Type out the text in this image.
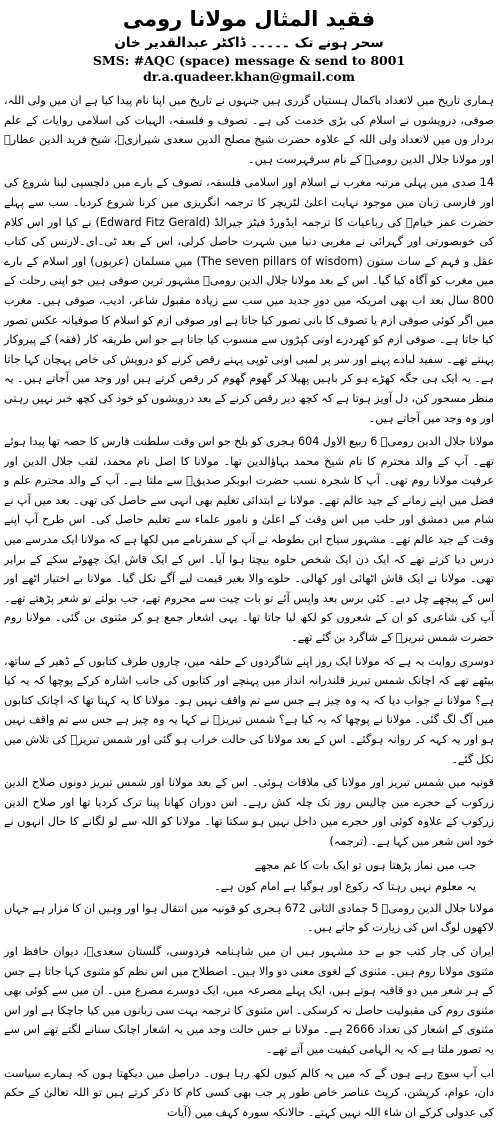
فقید المثال مولانا رومی

سحر ہونے تک ۔۔۔۔۔ ڈاکٹر عبدالقدیر خان

SMS: #AQC (space) message & send to 8001

dr.a.quadeer.khan@gmail.com

ہماری تاریخ میں لاتعداد باکمال ہستیاں گزری ہیں جنہوں نے تاریخ میں اپنا نام پیدا کیا ہے ان میں ولی اللہ، صوفی، درویشوں نے اسلام کی بڑی خدمت کی ہے۔ تصوف و فلسفہ، الہیات کی اسلامی روایات کے علم بردار وں میں لاتعداد ولی اللہ کے علاوہ حضرت شیخ مصلح الدین سعدی شیرازیؒ، شیخ فرید الدین عطارؒ اور مولانا جلال الدین رومیؒ کے نام سرفہرست ہیں۔

14 صدی میں پہلی مرتبہ مغرب نے اسلام اور اسلامی فلسفہ، تصوف کے بارے میں دلچسپی لینا شروع کی اور فارسی زبان میں موجود نہایت اعلیٰ لٹریچر کا ترجمہ انگریزی میں کرنا شروع کردیا۔ سب سے پہلے حضرت عمر خیامؒ کی رباعیات کا ترجمہ ایڈورڈ فیٹز جیرالڈ (Edward Fitz Gerald) نے کیا اور اس کلام کی خوبصورتی اور گہرائی نے مغربی دنیا میں شہرت حاصل کرلی، اس کے بعد ٹی۔ای۔لارنس کی کتاب عقل و فہم کے سات ستون (The seven pillars of wisdom) میں مسلمان (عربوں) اور اسلام کے بارے میں مغرب کو آگاہ کیا گیا۔ اس کے بعد مولانا جلال الدین رومیؒ مشہور ترین صوفی ہیں جو اپنی رحلت کے 800 سال بعد اب بھی امریکہ میں دورِ جدید میں سب سے زیادہ مقبول شاعر، ادیب، صوفی ہیں۔ مغرب میں اگر کوئی صوفی ازم یا تصوف کا بانی تصور کیا جاتا ہے اور صوفی ازم کو اسلام کا صوفیانہ عکس تصور کیا جاتا ہے۔ صوفی ازم کو کھردرے اونی کپڑوں سے منسوب کیا جاتا ہے جو اس طریقہ کار (فقہ) کے پیروکار پہنتے تھے۔ سفید لبادے پہنے اور سر پر لمبی اونی ٹوپی پہنے رقص کرنے کو درویش کی خاص پہچان کہا جاتا ہے۔ یہ ایک ہی جگہ کھڑے ہو کر باہیں پھیلا کر گھوم گھوم کر رقص کرتے ہیں اور وجد میں آجاتے ہیں۔ یہ منظر مسحور کن، دل آویز ہوتا ہے کہ کچھ دیر رقص کرنے کے بعد درویشوں کو خود کی کچھ خبر نہیں رہتی اور وہ وجد میں آجاتے ہیں۔

مولانا جلال الدین رومیؒ 6 ربیع الاول 604 ہجری کو بلخ جو اس وقت سلطنت فارس کا حصہ تھا پیدا ہوئے تھے۔ آپ کے والد محترم کا نام شیخ محمد بہاؤالدین تھا۔ مولانا کا اصل نام محمد، لقب جلال الدین اور عرفیت مولانا روم تھی۔ آپ کا شجرہ نسب حضرت ابوبکر صدیقؓ سے ملتا ہے۔ آپ کے والد محترم علم و فضل میں اپنے زمانے کے جید عالم تھے۔ مولانا نے ابتدائی تعلیم بھی انہی سے حاصل کی تھی۔ بعد میں آپ نے شام میں دمشق اور حلب میں اس وقت کے اعلیٰ و نامور علماء سے تعلیم حاصل کی۔ اس طرح آپ اپنے وقت کے جید عالم تھے۔ مشہور سیاح ابن بطوطہ نے آپ کے سفرنامے میں لکھا ہے کہ مولانا ایک مدرسے میں درس دیا کرتے تھے کہ ایک دن ایک شخص حلوہ بیچتا ہوا آیا۔ اس کے ایک قاش ایک چھوٹے سکے کے برابر تھی۔ مولانا نے ایک قاش اٹھائی اور کھالی۔ حلوے والا بغیر قیمت لیے آگے نکل گیا۔ مولانا بے اختیار اٹھے اور اس کے پیچھے چل دیے۔ کئی برس بعد واپس آئے تو بات چیت سے محروم تھے، جب بولتے تو شعر پڑھتے تھے۔ آپ کی شاعری کو ان کے شعروں کو لکھ لیا جاتا تھا۔ یہی اشعار جمع ہو کر مثنوی بن گئی۔ مولانا روم حضرت شمس تبریزؒ کے شاگرد بن گئے تھے۔

دوسری روایت یہ ہے کہ مولانا ایک روز اپنے شاگردوں کے حلقہ میں، چاروں طرف کتابوں کے ڈھیر کے ساتھ، بیٹھے تھے کہ اچانک شمس تبریز قلندرانہ انداز میں پہنچے اور کتابوں کی جانب اشارہ کرکے پوچھا کہ یہ کیا ہے؟ مولانا نے جواب دیا کہ یہ وہ چیز ہے جس سے تم واقف نہیں ہو۔ مولانا کا یہ کہنا تھا کہ اچانک کتابوں میں آگ لگ گئی۔ مولانا نے پوچھا کہ یہ کیا ہے؟ شمس تبریزؒ نے کہا یہ وہ چیز ہے جس سے تم واقف نہیں ہو اور یہ کہہ کر روانہ ہوگئے۔ اس کے بعد مولانا کی حالت خراب ہو گئی اور شمس تبریزؒ کی تلاش میں نکل گئے۔

قونیہ میں شمس تبریز اور مولانا کی ملاقات ہوئی۔ اس کے بعد مولانا اور شمس تبریز دونوں صلاح الدین زرکوب کے حجرے میں چالیس روز تک چلہ کش رہے۔ اس دوران کھانا پینا ترک کردیا تھا اور صلاح الدین زرکوب کے علاوہ کوئی اور حجرے میں داخل نہیں ہو سکتا تھا۔ مولانا کو اللہ سے لو لگانے کا حال انہوں نے خود اس شعر میں کہا ہے۔ (ترجمہ)

جب میں نماز پڑھتا ہوں تو ایک بات کا غم مجھے

یہ معلوم نہیں رہتا کہ رکوع اور ہوگیا ہے امام کون ہے۔

مولانا جلال الدین رومیؒ 5 جمادی الثانی 672 ہجری کو قونیہ میں انتقال ہوا اور وہیں ان کا مزار ہے جہاں لاکھوں لوگ اس کی زیارت کو جاتے ہیں۔

ایران کی چار کتب جو بے حد مشہور ہیں ان میں شاہنامہ فردوسی، گلستان سعدیؒ، دیوان حافظ اور مثنوی مولانا روم ہیں۔ مثنوی کے لغوی معنی دو والا ہیں۔ اصطلاح میں اس نظم کو مثنوی کہا جاتا ہے جس کے ہر شعر میں دو قافیہ ہوتے ہیں، ایک پہلے مصرعہ میں، ایک دوسرے مصرع میں۔ ان میں سے کوئی بھی مثنوی روم کی مقبولیت حاصل نہ کرسکی۔ اس مثنوی کا ترجمہ بہت سی زبانوں میں کیا جاچکا ہے اور اس مثنوی کے اشعار کی تعداد 2666 ہے۔ مولانا نے جس حالت وجد میں یہ اشعار اچانک سنانے لگتے تھے اس سے یہ تصور ملتا ہے کہ یہ الہامی کیفیت میں آتے تھے۔

اب آپ سوچ رہے ہوں گے کہ میں یہ کالم کیوں لکھ رہا ہوں۔ دراصل میں دیکھتا ہوں کہ ہمارے سیاست دان، عوام، کرپشن، کرپٹ عناصر خاص طور پر جب بھی کسی کام کا ذکر کرتے ہیں تو اللہ تعالیٰ کے حکم کی عدولی کرکے ان شاء اللہ نہیں کہتے۔ حالانکہ سورہ کہف میں (آیات
